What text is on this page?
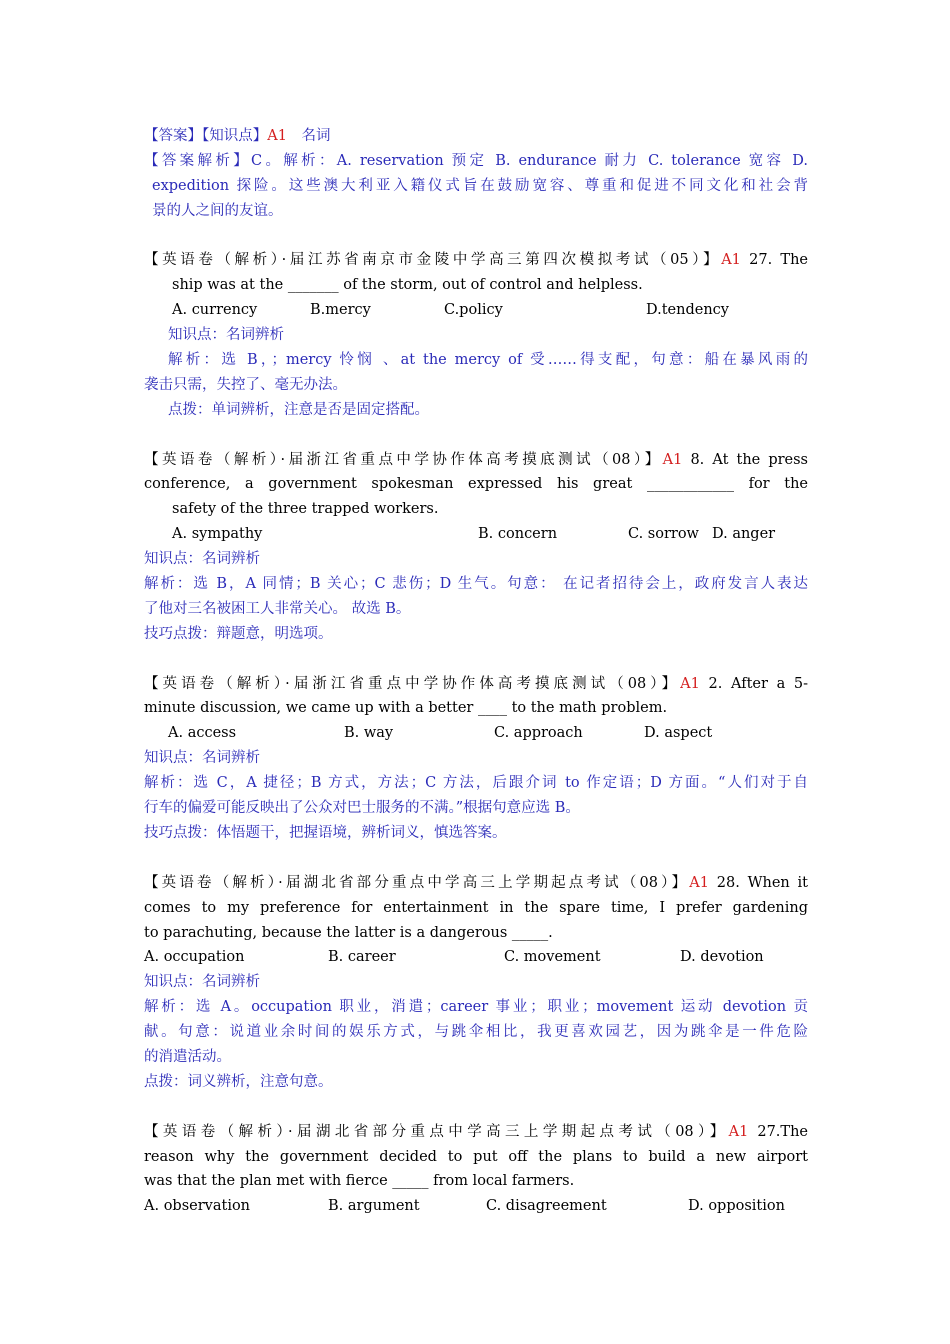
【答案】【知识点】A1　名词
【答案解析】C。解析：A. reservation 预定 B. endurance 耐力 C. tolerance 宽容 D.
expedition 探险。这些澳大利亚入籍仪式旨在鼓励宽容、尊重和促进不同文化和社会背
景的人之间的友谊。
【英语卷（解析）·届江苏省南京市金陵中学高三第四次模拟考试（05）】A1 27. The
ship was at the _______ of the storm, out of control and helpless.
A. currency	B.mercy	C.policy	D.tendency
知识点：名词辨析
解析：选 B，；mercy 怜悯 、at the mercy of 受……得支配，句意：船在暴风雨的
袭击只需，失控了、毫无办法。
点拨：单词辨析，注意是否是固定搭配。
【英语卷（解析）·届浙江省重点中学协作体高考摸底测试（08）】A1 8. At the press
conference, a government spokesman expressed his great ____________ for the
safety of the three trapped workers.
A. sympathy	B. concern	C. sorrow D. anger
知识点：名词辨析
解析：选 B，A 同情；B 关心；C 悲伤；D 生气。句意： 在记者招待会上，政府发言人表达
了他对三名被困工人非常关心。 故选 B。
技巧点拨：辩题意，明选项。
【英语卷（解析）·届浙江省重点中学协作体高考摸底测试（08）】A1 2. After a 5-
minute discussion, we came up with a better ____ to the math problem.
A. access	B. way	C. approach	D. aspect
知识点：名词辨析
解析：选 C，A 捷径；B 方式，方法；C 方法，后跟介词 to 作定语；D 方面。“人们对于自
行车的偏爱可能反映出了公众对巴士服务的不满。”根据句意应选 B。
技巧点拨：体悟题干，把握语境，辨析词义，慎选答案。
【英语卷（解析）·届湖北省部分重点中学高三上学期起点考试（08）】A1 28. When it
comes to my preference for entertainment in the spare time, I prefer gardening
to parachuting, because the latter is a dangerous _____.
A. occupation	B. career	C. movement	D. devotion
知识点：名词辨析
解析：选 A。occupation 职业，消遣；career 事业；职业；movement 运动 devotion 贡
献。句意：说道业余时间的娱乐方式，与跳伞相比，我更喜欢园艺，因为跳伞是一件危险
的消遣活动。
点拨：词义辨析，注意句意。
【英语卷（解析）·届湖北省部分重点中学高三上学期起点考试（08）】A1 27.The
reason why the government decided to put off the plans to build a new airport
was that the plan met with fierce _____ from local farmers.
A. observation	B. argument	C. disagreement	D. opposition
